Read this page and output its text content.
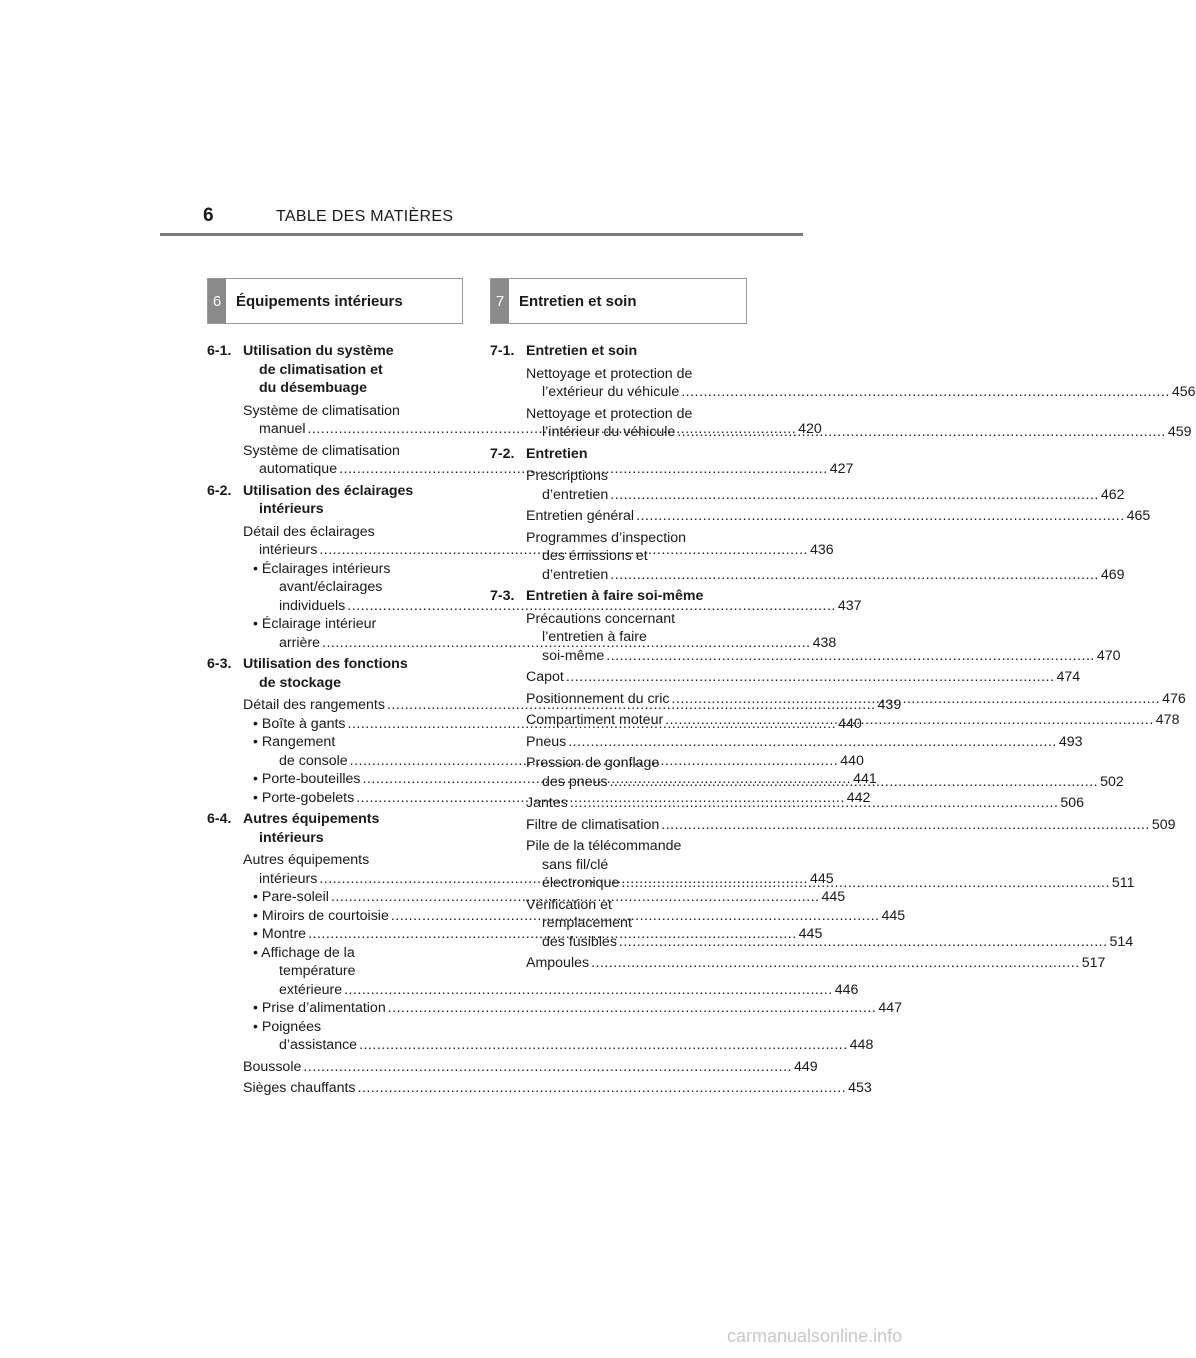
6	TABLE DES MATIÈRES
6 Équipements intérieurs	7 Entretien et soin
6-1. Utilisation du système
de climatisation et
du désembuage
Système de climatisation
manuel .....	420
Système de climatisation
automatique .....	427
6-2. Utilisation des éclairages
intérieurs
Détail des éclairages
intérieurs .....	436
• Éclairages intérieurs
avant/éclairages
individuels .....	437
• Éclairage intérieur
arrière .....	438
6-3. Utilisation des fonctions
de stockage
Détail des rangements .....	439
• Boîte à gants .....	440
• Rangement
de console .....	440
• Porte-bouteilles .....	441
• Porte-gobelets .....	442
6-4. Autres équipements
intérieurs
Autres équipements
intérieurs .....	445
• Pare-soleil .....	445
• Miroirs de courtoisie .....	445
• Montre .....	445
• Affichage de la
température
extérieure .....	446
• Prise d’alimentation .....	447
• Poignées
d’assistance .....	448
Boussole .....	449
Sièges chauffants .....	453
7-1. Entretien et soin
Nettoyage et protection de
l’extérieur du véhicule .....	456
Nettoyage et protection de
l’intérieur du véhicule .....	459
7-2. Entretien
Prescriptions
d’entretien .....	462
Entretien général .....	465
Programmes d’inspection
des émissions et
d’entretien .....	469
7-3. Entretien à faire soi-même
Précautions concernant
l’entretien à faire
soi-même .....	470
Capot .....	474
Positionnement du cric .....	476
Compartiment moteur .....	478
Pneus .....	493
Pression de gonflage
des pneus .....	502
Jantes .....	506
Filtre de climatisation .....	509
Pile de la télécommande
sans fil/clé
électronique .....	511
Vérification et
remplacement
des fusibles .....	514
Ampoules .....	517
carmanualsonline.info
